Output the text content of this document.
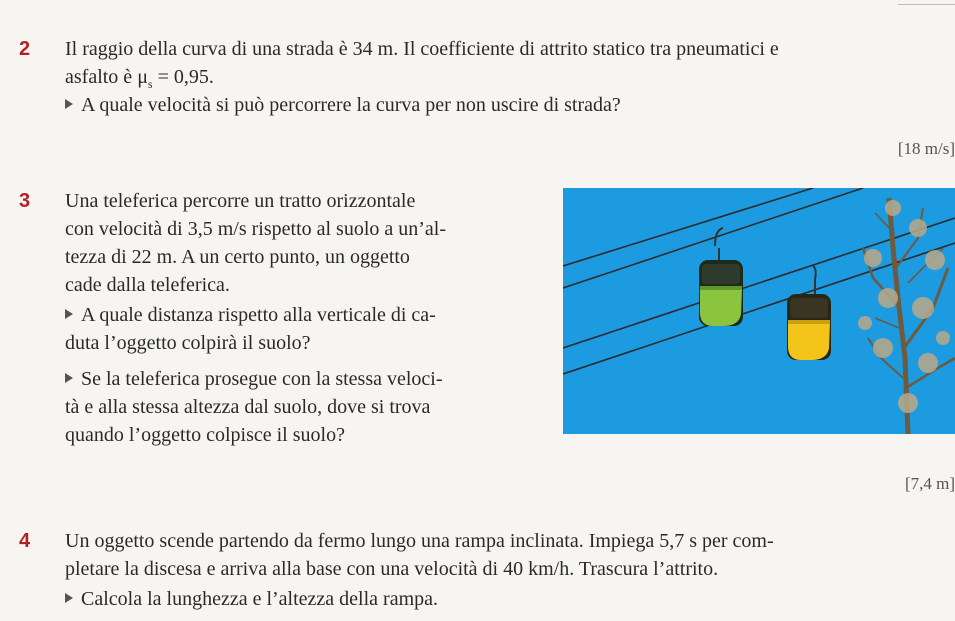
2 Il raggio della curva di una strada è 34 m. Il coefficiente di attrito statico tra pneumatici e
asfalto è $\mu_s = 0,95$.
A quale velocità si può percorrere la curva per non uscire di strada?
[18 m/s]
3 Una teleferica percorre un tratto orizzontale
con velocità di 3,5 m/s rispetto al suolo a un’al-
tezza di 22 m. A un certo punto, un oggetto
cade dalla teleferica.
A quale distanza rispetto alla verticale di ca-
duta l’oggetto colpirà il suolo?
Se la teleferica prosegue con la stessa veloci-
tà e alla stessa altezza dal suolo, dove si trova
quando l’oggetto colpisce il suolo?
[7,4 m]
4 Un oggetto scende partendo da fermo lungo una rampa inclinata. Impiega 5,7 s per com-
pletare la discesa e arriva alla base con una velocità di 40 km/h. Trascura l’attrito.
Calcola la lunghezza e l’altezza della rampa.
